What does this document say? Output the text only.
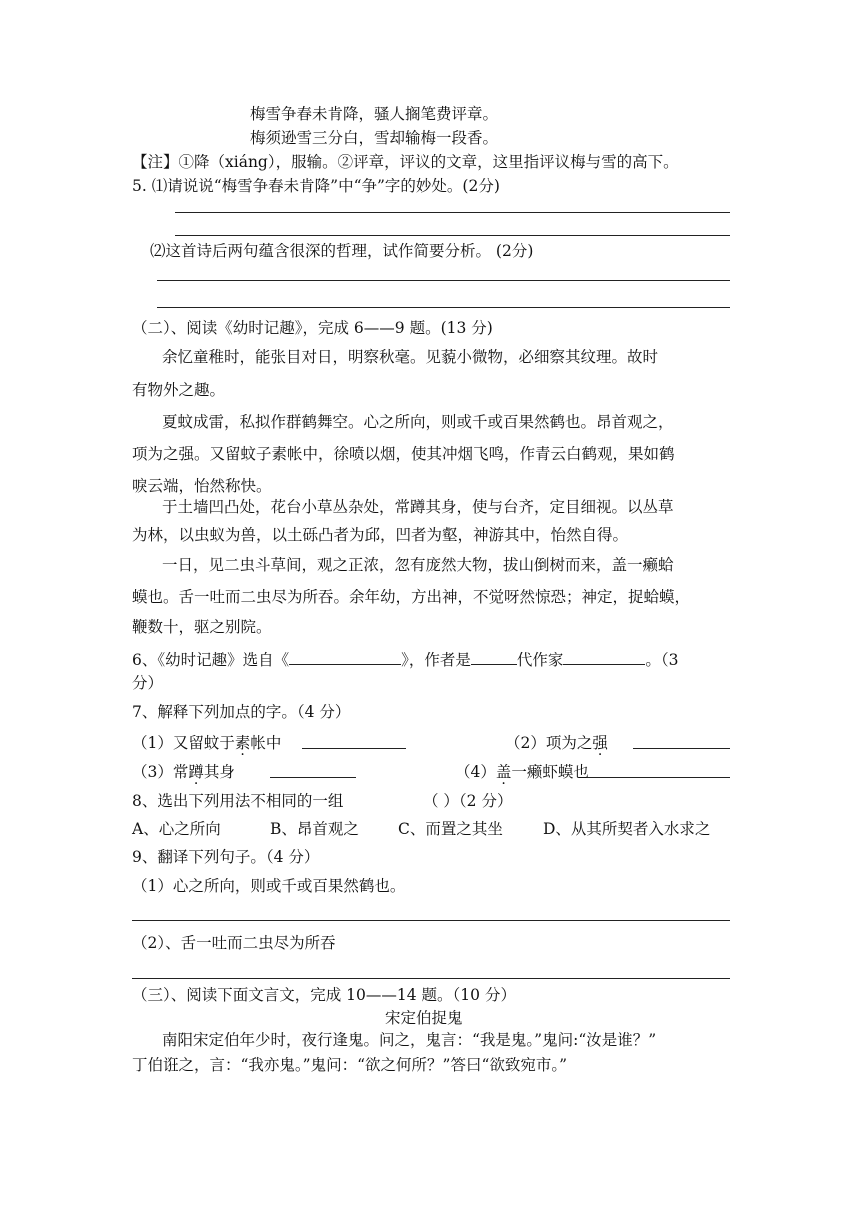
梅雪争春未肯降，骚人搁笔费评章。
梅须逊雪三分白，雪却输梅一段香。
【注】①降（xiáng），服输。②评章，评议的文章，这里指评议梅与雪的高下。
5. ⑴请说说“梅雪争春未肯降”中“争”字的妙处。(2分)
⑵这首诗后两句蕴含很深的哲理，试作简要分析。 (2分)
（二）、阅读《幼时记趣》，完成 6——9 题。(13 分)
余忆童稚时，能张目对日，明察秋毫。见藐小微物，必细察其纹理。故时
有物外之趣。
夏蚊成雷，私拟作群鹤舞空。心之所向，则或千或百果然鹤也。昂首观之，
项为之强。又留蚊子素帐中，徐喷以烟，使其冲烟飞鸣，作青云白鹤观，果如鹤
唳云端，怡然称快。
于土墙凹凸处，花台小草丛杂处，常蹲其身，使与台齐，定目细视。以丛草
为林，以虫蚁为兽，以土砾凸者为邱，凹者为壑，神游其中，怡然自得。
一日，见二虫斗草间，观之正浓，忽有庞然大物，拔山倒树而来，盖一癞蛤
蟆也。舌一吐而二虫尽为所吞。余年幼，方出神，不觉呀然惊恐；神定，捉蛤蟆，
鞭数十，驱之别院。
6、《幼时记趣》选自《	》，作者是	代作家	。（3
分）
7、解释下列加点的字。（4 分）
（1）又留蚊于素帐中	（2）项为之强
（3）常蹲其身	（4）盖一癞虾蟆也
8、选出下列用法不相同的一组	（ ）（2 分）
A、心之所向	B、昂首观之	C、而置之其坐	D、从其所契者入水求之
9、翻译下列句子。（4 分）
（1）心之所向，则或千或百果然鹤也。
（2）、舌一吐而二虫尽为所吞
（三）、阅读下面文言文，完成 10——14 题。（10 分）
宋定伯捉鬼
南阳宋定伯年少时，夜行逢鬼。问之，鬼言：“我是鬼。”鬼问:“汝是谁？”
丁伯诳之，言：“我亦鬼。”鬼问：“欲之何所？”答曰“欲致宛市。”
